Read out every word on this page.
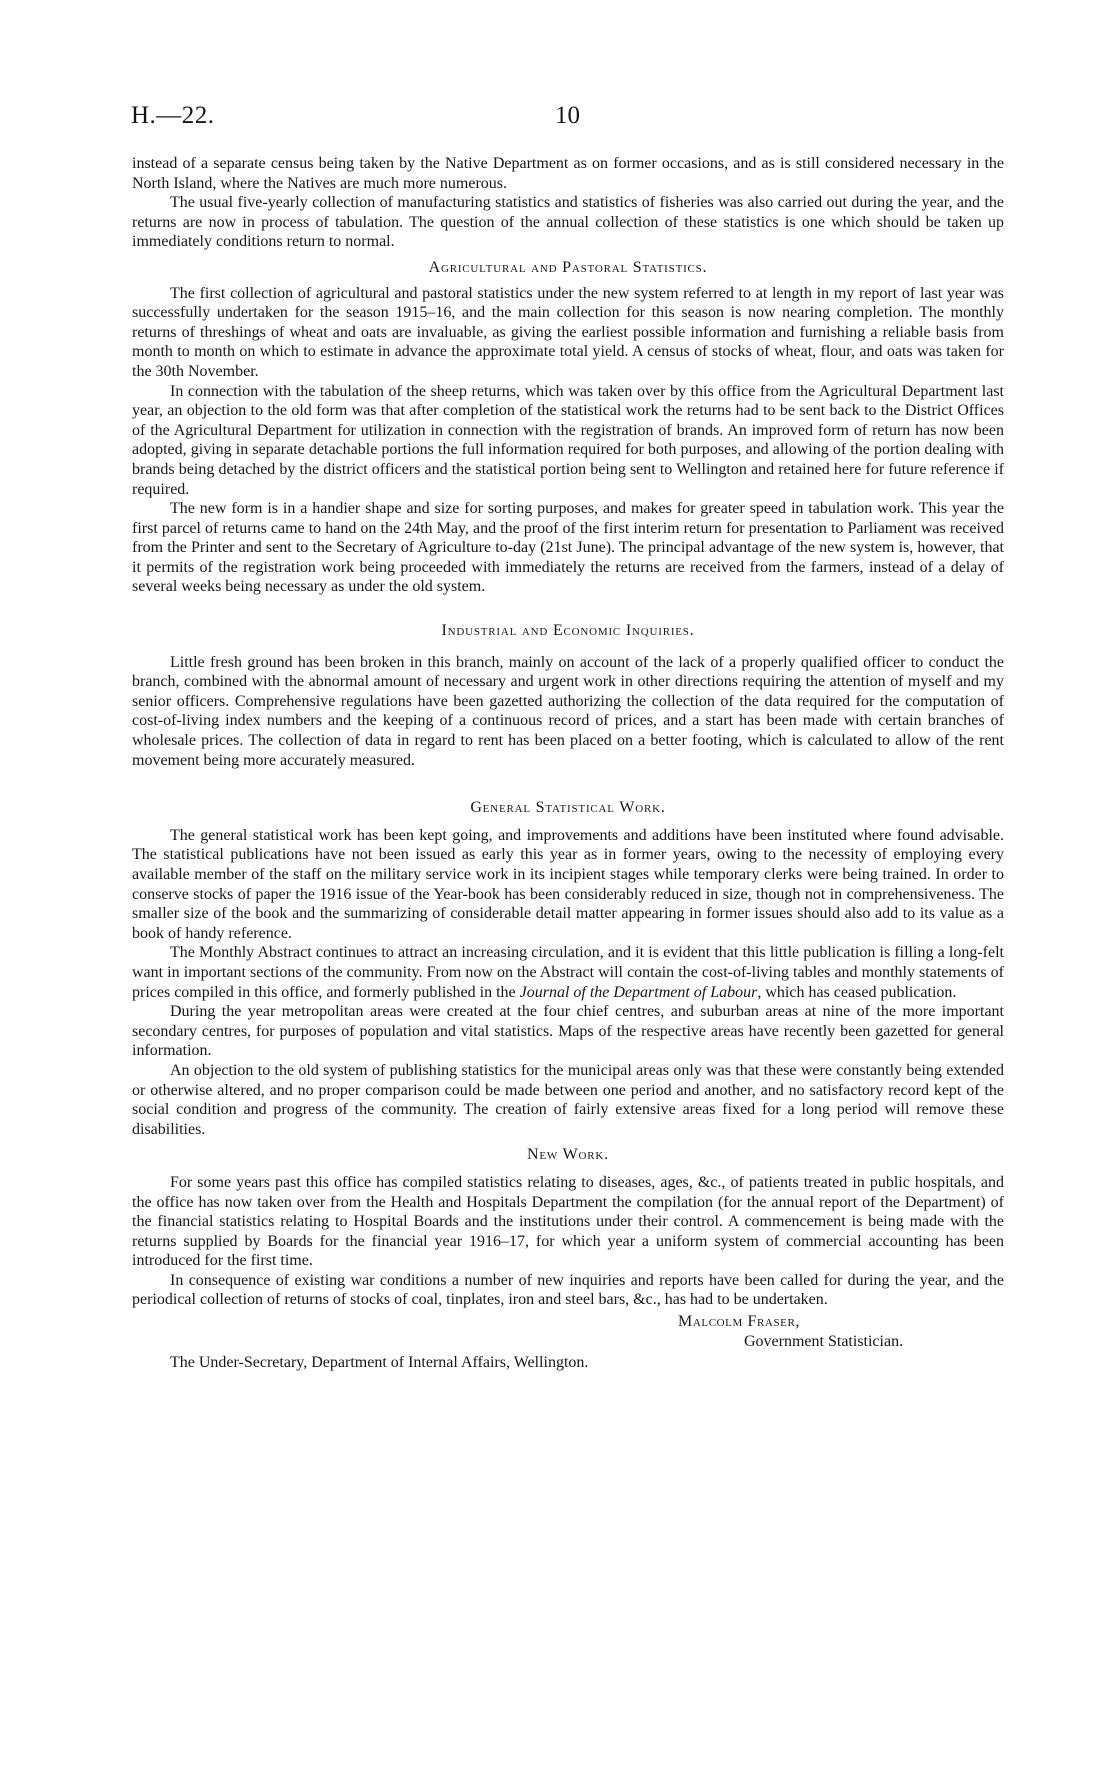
H.—22.	10

instead of a separate census being taken by the Native Department as on former occasions, and as is still considered necessary in the North Island, where the Natives are much more numerous.

The usual five-yearly collection of manufacturing statistics and statistics of fisheries was also carried out during the year, and the returns are now in process of tabulation. The question of the annual collection of these statistics is one which should be taken up immediately conditions return to normal.

Agricultural and Pastoral Statistics.

The first collection of agricultural and pastoral statistics under the new system referred to at length in my report of last year was successfully undertaken for the season 1915–16, and the main collection for this season is now nearing completion. The monthly returns of threshings of wheat and oats are invaluable, as giving the earliest possible information and furnishing a reliable basis from month to month on which to estimate in advance the approximate total yield. A census of stocks of wheat, flour, and oats was taken for the 30th November.

In connection with the tabulation of the sheep returns, which was taken over by this office from the Agricultural Department last year, an objection to the old form was that after completion of the statistical work the returns had to be sent back to the District Offices of the Agricultural Department for utilization in connection with the registration of brands. An improved form of return has now been adopted, giving in separate detachable portions the full information required for both purposes, and allowing of the portion dealing with brands being detached by the district officers and the statistical portion being sent to Wellington and retained here for future reference if required.

The new form is in a handier shape and size for sorting purposes, and makes for greater speed in tabulation work. This year the first parcel of returns came to hand on the 24th May, and the proof of the first interim return for presentation to Parliament was received from the Printer and sent to the Secretary of Agriculture to-day (21st June). The principal advantage of the new system is, however, that it permits of the registration work being proceeded with immediately the returns are received from the farmers, instead of a delay of several weeks being necessary as under the old system.

Industrial and Economic Inquiries.

Little fresh ground has been broken in this branch, mainly on account of the lack of a properly qualified officer to conduct the branch, combined with the abnormal amount of necessary and urgent work in other directions requiring the attention of myself and my senior officers. Comprehensive regulations have been gazetted authorizing the collection of the data required for the computation of cost-of-living index numbers and the keeping of a continuous record of prices, and a start has been made with certain branches of wholesale prices. The collection of data in regard to rent has been placed on a better footing, which is calculated to allow of the rent movement being more accurately measured.

General Statistical Work.

The general statistical work has been kept going, and improvements and additions have been instituted where found advisable. The statistical publications have not been issued as early this year as in former years, owing to the necessity of employing every available member of the staff on the military service work in its incipient stages while temporary clerks were being trained. In order to conserve stocks of paper the 1916 issue of the Year-book has been considerably reduced in size, though not in comprehensiveness. The smaller size of the book and the summarizing of considerable detail matter appearing in former issues should also add to its value as a book of handy reference.

The Monthly Abstract continues to attract an increasing circulation, and it is evident that this little publication is filling a long-felt want in important sections of the community. From now on the Abstract will contain the cost-of-living tables and monthly statements of prices compiled in this office, and formerly published in the Journal of the Department of Labour, which has ceased publication.

During the year metropolitan areas were created at the four chief centres, and suburban areas at nine of the more important secondary centres, for purposes of population and vital statistics. Maps of the respective areas have recently been gazetted for general information.

An objection to the old system of publishing statistics for the municipal areas only was that these were constantly being extended or otherwise altered, and no proper comparison could be made between one period and another, and no satisfactory record kept of the social condition and progress of the community. The creation of fairly extensive areas fixed for a long period will remove these disabilities.

New Work.

For some years past this office has compiled statistics relating to diseases, ages, &c., of patients treated in public hospitals, and the office has now taken over from the Health and Hospitals Department the compilation (for the annual report of the Department) of the financial statistics relating to Hospital Boards and the institutions under their control. A commencement is being made with the returns supplied by Boards for the financial year 1916–17, for which year a uniform system of commercial accounting has been introduced for the first time.

In consequence of existing war conditions a number of new inquiries and reports have been called for during the year, and the periodical collection of returns of stocks of coal, tinplates, iron and steel bars, &c., has had to be undertaken.

Malcolm Fraser,
Government Statistician.
The Under-Secretary, Department of Internal Affairs, Wellington.
